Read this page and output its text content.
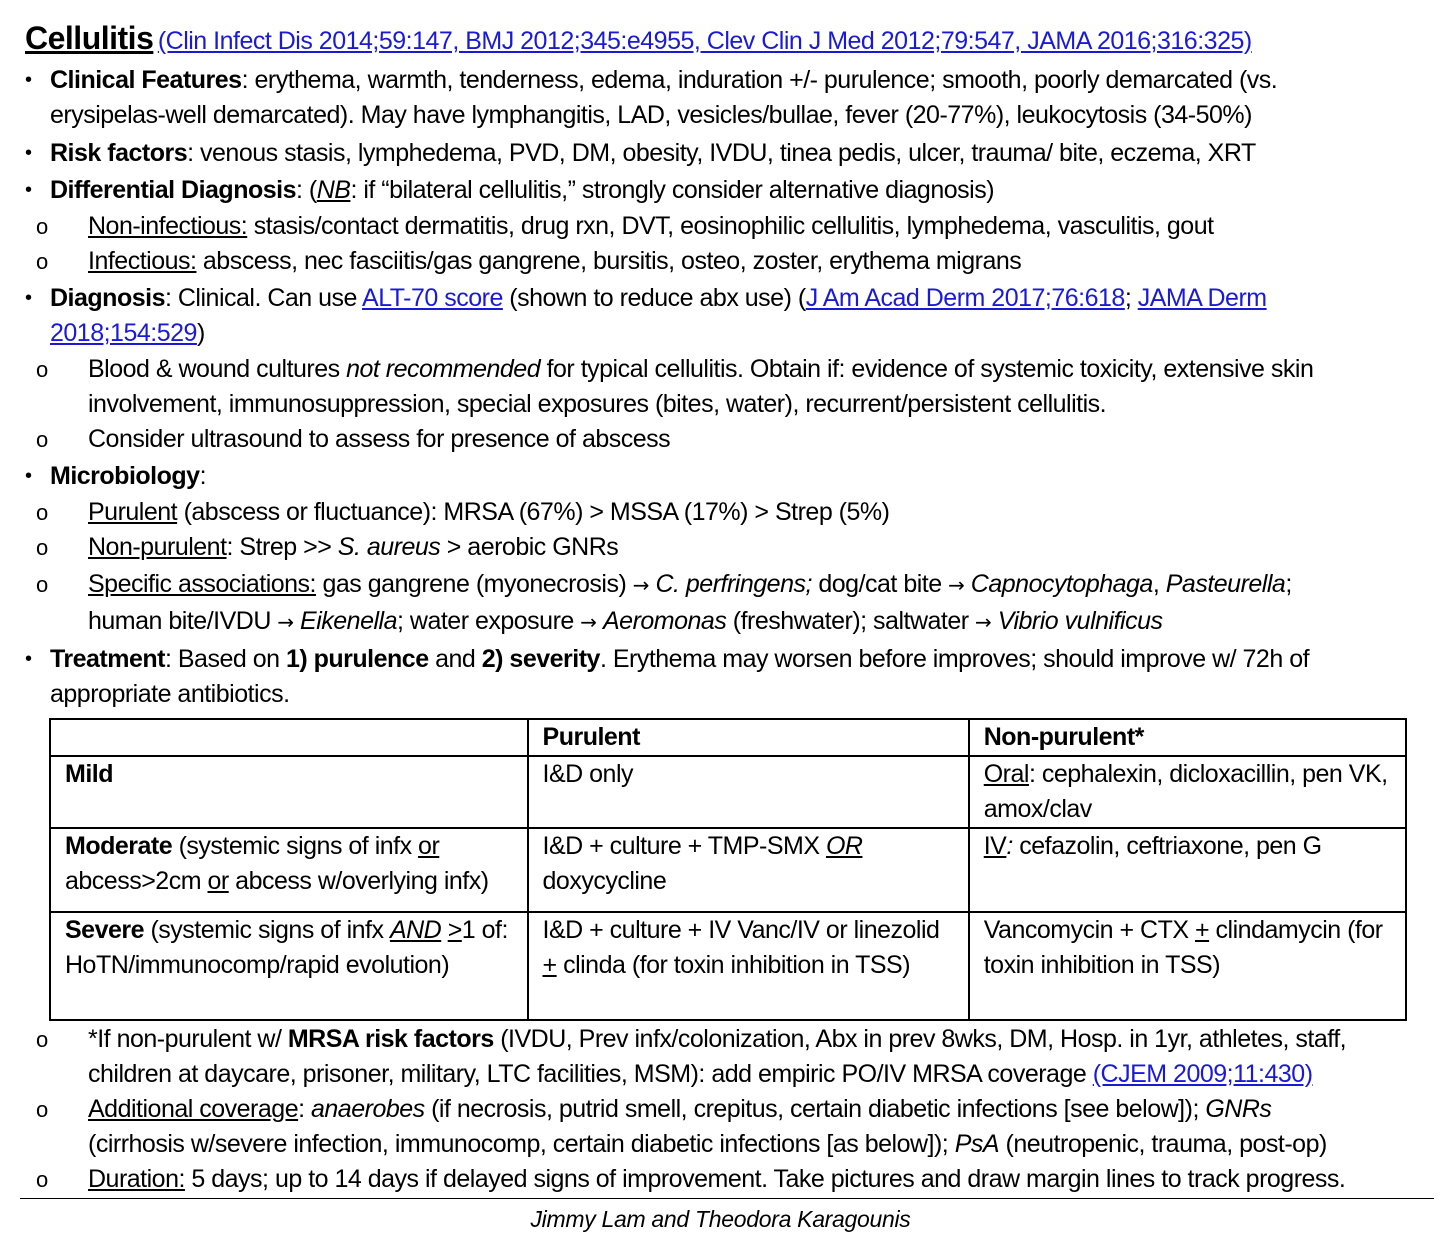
Cellulitis (Clin Infect Dis 2014;59:147, BMJ 2012;345:e4955, Clev Clin J Med 2012;79:547, JAMA 2016;316:325)
• Clinical Features: erythema, warmth, tenderness, edema, induration +/- purulence; smooth, poorly demarcated (vs.
erysipelas-well demarcated). May have lymphangitis, LAD, vesicles/bullae, fever (20-77%), leukocytosis (34-50%)
• Risk factors: venous stasis, lymphedema, PVD, DM, obesity, IVDU, tinea pedis, ulcer, trauma/ bite, eczema, XRT
• Differential Diagnosis: (NB: if “bilateral cellulitis,” strongly consider alternative diagnosis)
o Non-infectious: stasis/contact dermatitis, drug rxn, DVT, eosinophilic cellulitis, lymphedema, vasculitis, gout
o Infectious: abscess, nec fasciitis/gas gangrene, bursitis, osteo, zoster, erythema migrans
• Diagnosis: Clinical. Can use ALT-70 score (shown to reduce abx use) (J Am Acad Derm 2017;76:618; JAMA Derm
2018;154:529)
o Blood & wound cultures not recommended for typical cellulitis. Obtain if: evidence of systemic toxicity, extensive skin
involvement, immunosuppression, special exposures (bites, water), recurrent/persistent cellulitis.
o Consider ultrasound to assess for presence of abscess
• Microbiology:
o Purulent (abscess or fluctuance): MRSA (67%) > MSSA (17%) > Strep (5%)
o Non-purulent: Strep >> S. aureus > aerobic GNRs
o Specific associations: gas gangrene (myonecrosis) → C. perfringens; dog/cat bite → Capnocytophaga, Pasteurella;
human bite/IVDU → Eikenella; water exposure → Aeromonas (freshwater); saltwater → Vibrio vulnificus
• Treatment: Based on 1) purulence and 2) severity. Erythema may worsen before improves; should improve w/ 72h of
appropriate antibiotics.
	Purulent	Non-purulent*
Mild	I&D only	Oral: cephalexin, dicloxacillin, pen VK, amox/clav
Moderate (systemic signs of infx or abcess>2cm or abcess w/overlying infx)	I&D + culture + TMP-SMX OR doxycycline	IV: cefazolin, ceftriaxone, pen G
Severe (systemic signs of infx AND >1 of: HoTN/immunocomp/rapid evolution)	I&D + culture + IV Vanc/IV or linezolid + clinda (for toxin inhibition in TSS)	Vancomycin + CTX + clindamycin (for toxin inhibition in TSS)
o *If non-purulent w/ MRSA risk factors (IVDU, Prev infx/colonization, Abx in prev 8wks, DM, Hosp. in 1yr, athletes, staff,
children at daycare, prisoner, military, LTC facilities, MSM): add empiric PO/IV MRSA coverage (CJEM 2009;11:430)
o Additional coverage: anaerobes (if necrosis, putrid smell, crepitus, certain diabetic infections [see below]); GNRs
(cirrhosis w/severe infection, immunocomp, certain diabetic infections [as below]); PsA (neutropenic, trauma, post-op)
o Duration: 5 days; up to 14 days if delayed signs of improvement. Take pictures and draw margin lines to track progress.
Jimmy Lam and Theodora Karagounis
